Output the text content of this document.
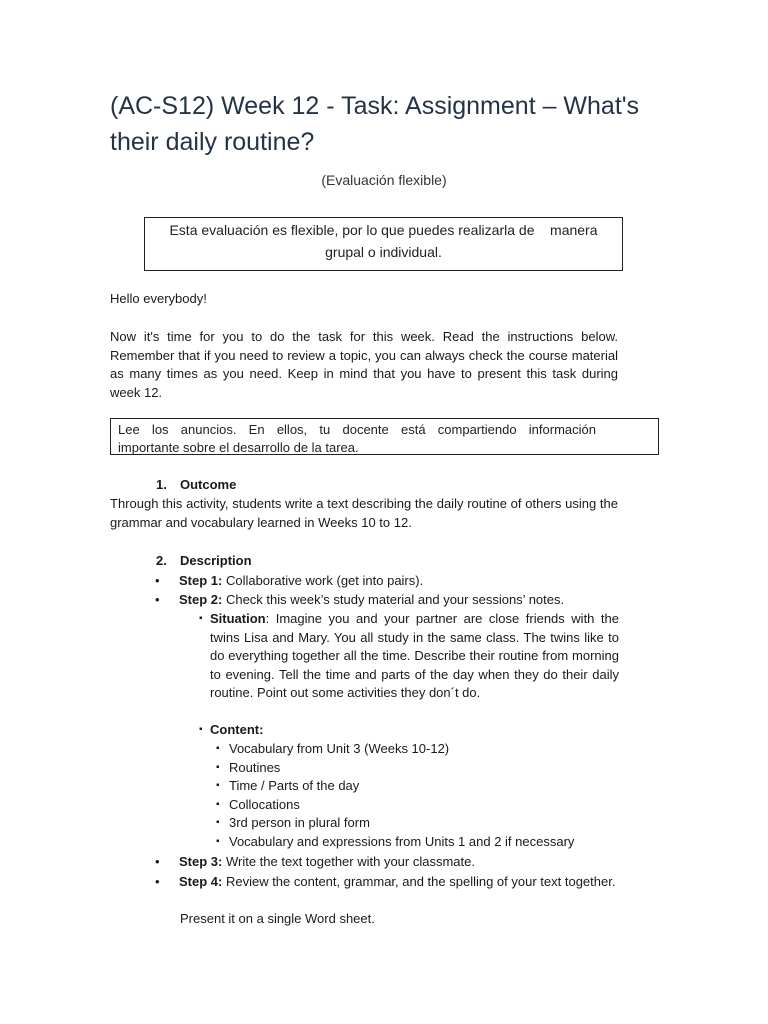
(AC-S12) Week 12 - Task: Assignment – What's their daily routine?

(Evaluación flexible)

Esta evaluación es flexible, por lo que puedes realizarla de    manera
grupal o individual.

Hello everybody!

Now it's time for you to do the task for this week. Read the instructions below. Remember that if you need to review a topic, you can always check the course material as many times as you need. Keep in mind that you have to present this task during week 12.

Lee los anuncios. En ellos, tu docente está compartiendo información
importante sobre el desarrollo de la tarea.

1. Outcome

Through this activity, students write a text describing the daily routine of others using the grammar and vocabulary learned in Weeks 10 to 12.

2. Description

• Step 1: Collaborative work (get into pairs).
• Step 2: Check this week’s study material and your sessions’ notes.
▪ Situation: Imagine you and your partner are close friends with the twins Lisa and Mary. You all study in the same class. The twins like to do everything together all the time. Describe their routine from morning to evening. Tell the time and parts of the day when they do their daily routine. Point out some activities they don´t do.
▪ Content:
▪ Vocabulary from Unit 3 (Weeks 10-12)
▪ Routines
▪ Time / Parts of the day
▪ Collocations
▪ 3rd person in plural form
▪ Vocabulary and expressions from Units 1 and 2 if necessary
• Step 3: Write the text together with your classmate.
• Step 4: Review the content, grammar, and the spelling of your text together.
Present it on a single Word sheet.
